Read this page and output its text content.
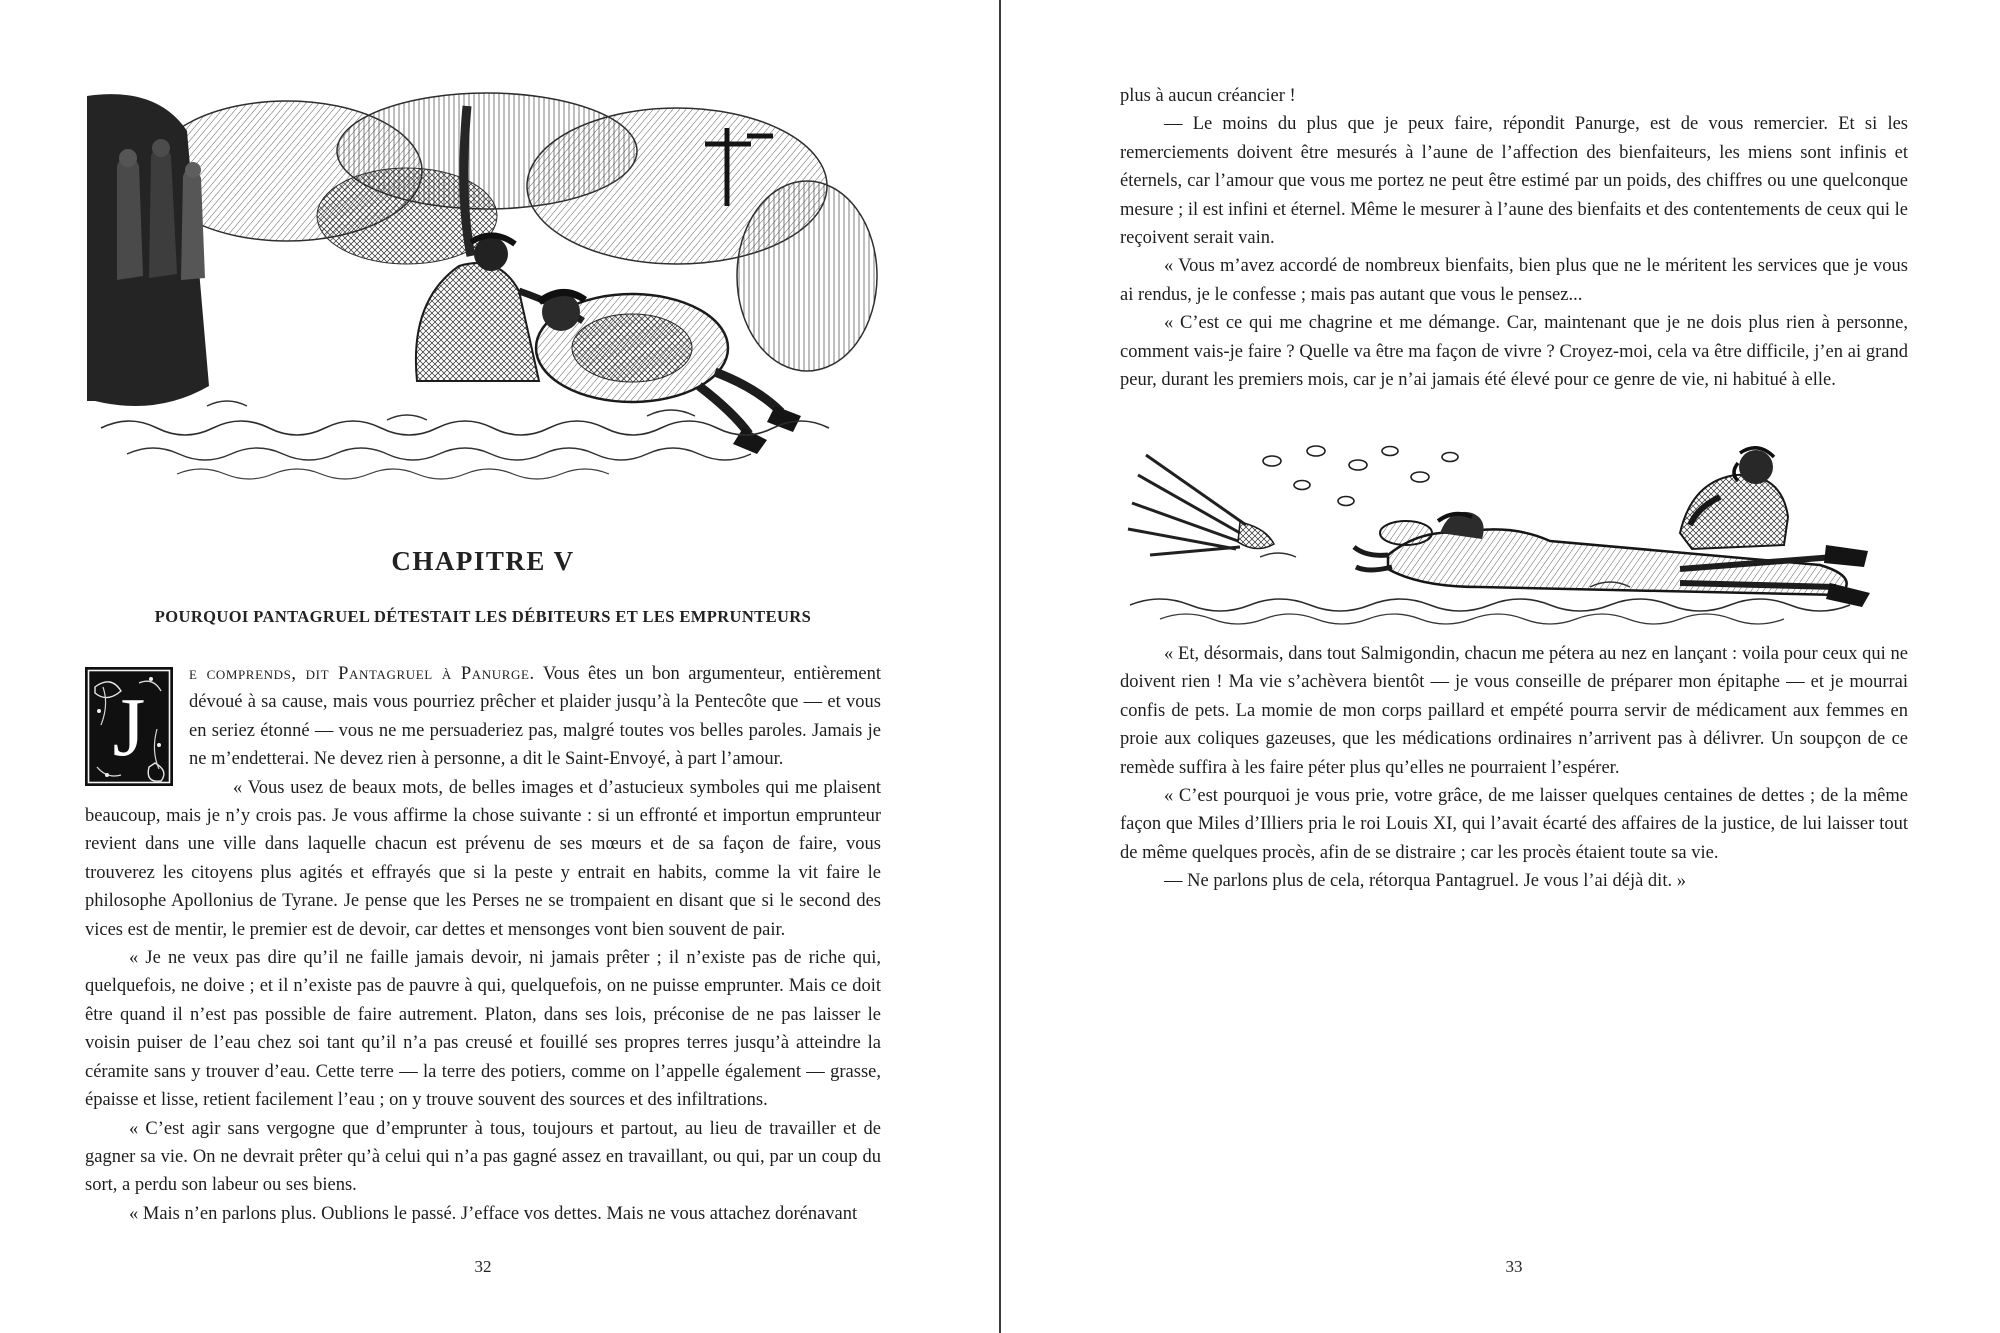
CHAPITRE V
POURQUOI PANTAGRUEL DÉTESTAIT LES DÉBITEURS ET LES EMPRUNTEURS
J

e comprends, dit Pantagruel à Panurge. Vous êtes un bon argumenteur, entièrement dévoué à sa cause, mais vous pourriez prêcher et plaider jusqu’à la Pentecôte que — et vous en seriez étonné — vous ne me persuaderiez pas, malgré toutes vos belles paroles. Jamais je ne m’endetterai. Ne devez rien à personne, a dit le Saint-Envoyé, à part l’amour.

« Vous usez de beaux mots, de belles images et d’astucieux symboles qui me plaisent beaucoup, mais je n’y crois pas. Je vous affirme la chose suivante : si un effronté et importun emprunteur revient dans une ville dans laquelle chacun est prévenu de ses mœurs et de sa façon de faire, vous trouverez les citoyens plus agités et effrayés que si la peste y entrait en habits, comme la vit faire le philosophe Apollonius de Tyrane. Je pense que les Perses ne se trompaient en disant que si le second des vices est de mentir, le premier est de devoir, car dettes et mensonges vont bien souvent de pair.

« Je ne veux pas dire qu’il ne faille jamais devoir, ni jamais prêter ; il n’existe pas de riche qui, quelquefois, ne doive ; et il n’existe pas de pauvre à qui, quelquefois, on ne puisse emprunter. Mais ce doit être quand il n’est pas possible de faire autrement. Platon, dans ses lois, préconise de ne pas laisser le voisin puiser de l’eau chez soi tant qu’il n’a pas creusé et fouillé ses propres terres jusqu’à atteindre la céramite sans y trouver d’eau. Cette terre — la terre des potiers, comme on l’appelle également — grasse, épaisse et lisse, retient facilement l’eau ; on y trouve souvent des sources et des infiltrations.

« C’est agir sans vergogne que d’emprunter à tous, toujours et partout, au lieu de travailler et de gagner sa vie. On ne devrait prêter qu’à celui qui n’a pas gagné assez en travaillant, ou qui, par un coup du sort, a perdu son labeur ou ses biens.

« Mais n’en parlons plus. Oublions le passé. J’efface vos dettes. Mais ne vous attachez dorénavant

32

plus à aucun créancier !

— Le moins du plus que je peux faire, répondit Panurge, est de vous remercier. Et si les remerciements doivent être mesurés à l’aune de l’affection des bienfaiteurs, les miens sont infinis et éternels, car l’amour que vous me portez ne peut être estimé par un poids, des chiffres ou une quelconque mesure ; il est infini et éternel. Même le mesurer à l’aune des bienfaits et des contentements de ceux qui le reçoivent serait vain.

« Vous m’avez accordé de nombreux bienfaits, bien plus que ne le méritent les services que je vous ai rendus, je le confesse ; mais pas autant que vous le pensez...

« C’est ce qui me chagrine et me démange. Car, maintenant que je ne dois plus rien à personne, comment vais-je faire ? Quelle va être ma façon de vivre ? Croyez-moi, cela va être difficile, j’en ai grand peur, durant les premiers mois, car je n’ai jamais été élevé pour ce genre de vie, ni habitué à elle.

« Et, désormais, dans tout Salmigondin, chacun me pétera au nez en lançant : voila pour ceux qui ne doivent rien ! Ma vie s’achèvera bientôt — je vous conseille de préparer mon épitaphe — et je mourrai confis de pets. La momie de mon corps paillard et empété pourra servir de médicament aux femmes en proie aux coliques gazeuses, que les médications ordinaires n’arrivent pas à délivrer. Un soupçon de ce remède suffira à les faire péter plus qu’elles ne pourraient l’espérer.

« C’est pourquoi je vous prie, votre grâce, de me laisser quelques centaines de dettes ; de la même façon que Miles d’Illiers pria le roi Louis XI, qui l’avait écarté des affaires de la justice, de lui laisser tout de même quelques procès, afin de se distraire ; car les procès étaient toute sa vie.

— Ne parlons plus de cela, rétorqua Pantagruel. Je vous l’ai déjà dit. »

33
